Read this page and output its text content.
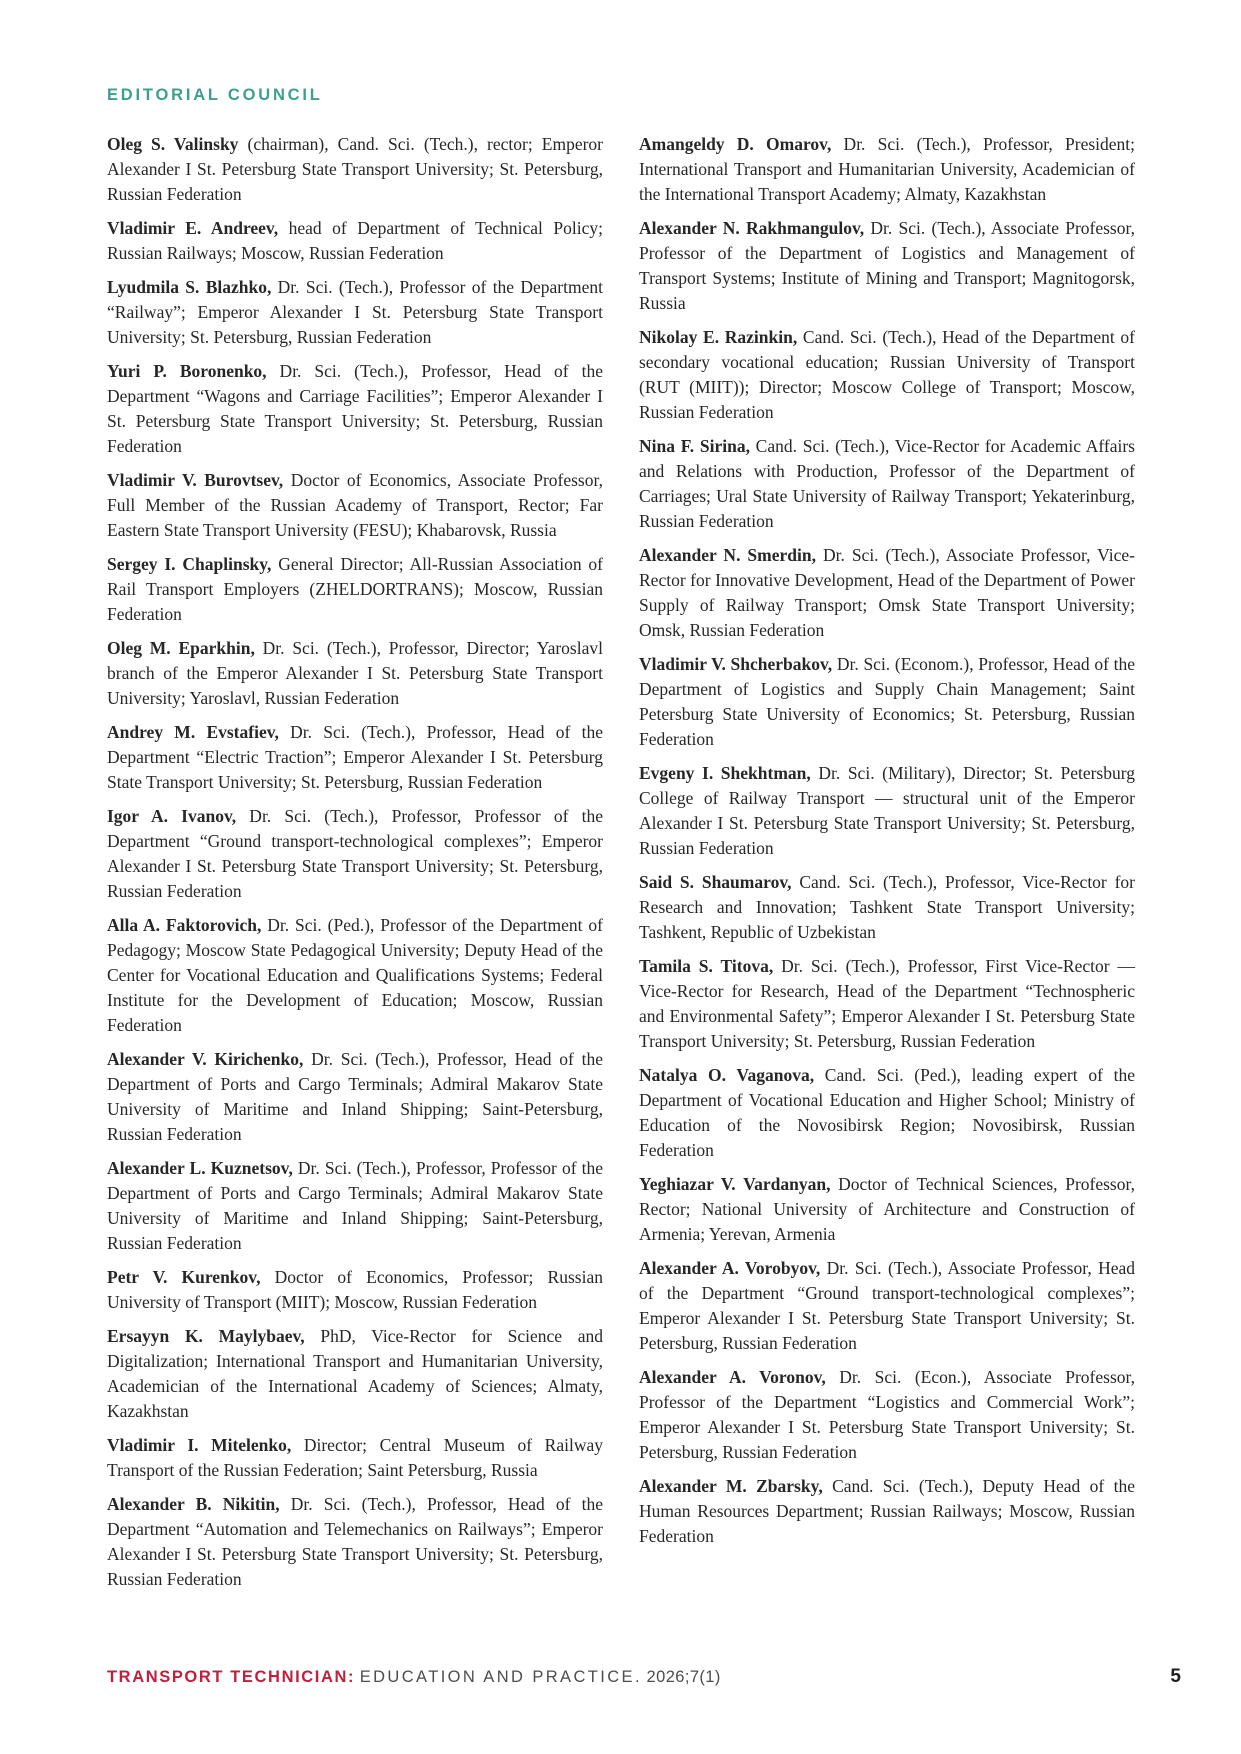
EDITORIAL COUNCIL

Oleg S. Valinsky (chairman), Cand. Sci. (Tech.), rector; Emperor Alexander I St. Petersburg State Transport University; St. Petersburg, Russian Federation

Vladimir E. Andreev, head of Department of Technical Policy; Russian Railways; Moscow, Russian Federation

Lyudmila S. Blazhko, Dr. Sci. (Tech.), Professor of the Department “Railway”; Emperor Alexander I St. Petersburg State Transport University; St. Petersburg, Russian Federation

Yuri P. Boronenko, Dr. Sci. (Tech.), Professor, Head of the Department “Wagons and Carriage Facilities”; Emperor Alexander I St. Petersburg State Transport University; St. Petersburg, Russian Federation

Vladimir V. Burovtsev, Doctor of Economics, Associate Professor, Full Member of the Russian Academy of Transport, Rector; Far Eastern State Transport University (FESU); Khabarovsk, Russia

Sergey I. Chaplinsky, General Director; All-Russian Association of Rail Transport Employers (ZHELDORTRANS); Moscow, Russian Federation

Oleg M. Eparkhin, Dr. Sci. (Tech.), Professor, Director; Yaroslavl branch of the Emperor Alexander I St. Petersburg State Transport University; Yaroslavl, Russian Federation

Andrey M. Evstafiev, Dr. Sci. (Tech.), Professor, Head of the Department “Electric Traction”; Emperor Alexander I St. Petersburg State Transport University; St. Petersburg, Russian Federation

Igor A. Ivanov, Dr. Sci. (Tech.), Professor, Professor of the Department “Ground transport-technological complexes”; Emperor Alexander I St. Petersburg State Transport University; St. Petersburg, Russian Federation

Alla A. Faktorovich, Dr. Sci. (Ped.), Professor of the Department of Pedagogy; Moscow State Pedagogical University; Deputy Head of the Center for Vocational Education and Qualifications Systems; Federal Institute for the Development of Education; Moscow, Russian Federation

Alexander V. Kirichenko, Dr. Sci. (Tech.), Professor, Head of the Department of Ports and Cargo Terminals; Admiral Makarov State University of Maritime and Inland Shipping; Saint-Petersburg, Russian Federation

Alexander L. Kuznetsov, Dr. Sci. (Tech.), Professor, Professor of the Department of Ports and Cargo Terminals; Admiral Makarov State University of Maritime and Inland Shipping; Saint-Petersburg, Russian Federation

Petr V. Kurenkov, Doctor of Economics, Professor; Russian University of Transport (MIIT); Moscow, Russian Federation

Ersayyn K. Maylybaev, PhD, Vice-Rector for Science and Digitalization; International Transport and Humanitarian University, Academician of the International Academy of Sciences; Almaty, Kazakhstan

Vladimir I. Mitelenko, Director; Central Museum of Railway Transport of the Russian Federation; Saint Petersburg, Russia

Alexander B. Nikitin, Dr. Sci. (Tech.), Professor, Head of the Department “Automation and Telemechanics on Railways”; Emperor Alexander I St. Petersburg State Transport University; St. Petersburg, Russian Federation

Amangeldy D. Omarov, Dr. Sci. (Tech.), Professor, President; International Transport and Humanitarian University, Academician of the International Transport Academy; Almaty, Kazakhstan

Alexander N. Rakhmangulov, Dr. Sci. (Tech.), Associate Professor, Professor of the Department of Logistics and Management of Transport Systems; Institute of Mining and Transport; Magnitogorsk, Russia

Nikolay E. Razinkin, Cand. Sci. (Tech.), Head of the Department of secondary vocational education; Russian University of Transport (RUT (MIIT)); Director; Moscow College of Transport; Moscow, Russian Federation

Nina F. Sirina, Cand. Sci. (Tech.), Vice-Rector for Academic Affairs and Relations with Production, Professor of the Department of Carriages; Ural State University of Railway Transport; Yekaterinburg, Russian Federation

Alexander N. Smerdin, Dr. Sci. (Tech.), Associate Professor, Vice-Rector for Innovative Development, Head of the Department of Power Supply of Railway Transport; Omsk State Transport University; Omsk, Russian Federation

Vladimir V. Shcherbakov, Dr. Sci. (Econom.), Professor, Head of the Department of Logistics and Supply Chain Management; Saint Petersburg State University of Economics; St. Petersburg, Russian Federation

Evgeny I. Shekhtman, Dr. Sci. (Military), Director; St. Petersburg College of Railway Transport — structural unit of the Emperor Alexander I St. Petersburg State Transport University; St. Petersburg, Russian Federation

Said S. Shaumarov, Cand. Sci. (Tech.), Professor, Vice-Rector for Research and Innovation; Tashkent State Transport University; Tashkent, Republic of Uzbekistan

Tamila S. Titova, Dr. Sci. (Tech.), Professor, First Vice-Rector — Vice-Rector for Research, Head of the Department “Technospheric and Environmental Safety”; Emperor Alexander I St. Petersburg State Transport University; St. Petersburg, Russian Federation

Natalya O. Vaganova, Cand. Sci. (Ped.), leading expert of the Department of Vocational Education and Higher School; Ministry of Education of the Novosibirsk Region; Novosibirsk, Russian Federation

Yeghiazar V. Vardanyan, Doctor of Technical Sciences, Professor, Rector; National University of Architecture and Construction of Armenia; Yerevan, Armenia

Alexander A. Vorobyov, Dr. Sci. (Tech.), Associate Professor, Head of the Department “Ground transport-technological complexes”; Emperor Alexander I St. Petersburg State Transport University; St. Petersburg, Russian Federation

Alexander A. Voronov, Dr. Sci. (Econ.), Associate Professor, Professor of the Department “Logistics and Commercial Work”; Emperor Alexander I St. Petersburg State Transport University; St. Petersburg, Russian Federation

Alexander M. Zbarsky, Cand. Sci. (Tech.), Deputy Head of the Human Resources Department; Russian Railways; Moscow, Russian Federation

TRANSPORT TECHNICIAN: EDUCATION AND PRACTICE. 2026;7(1)	5
